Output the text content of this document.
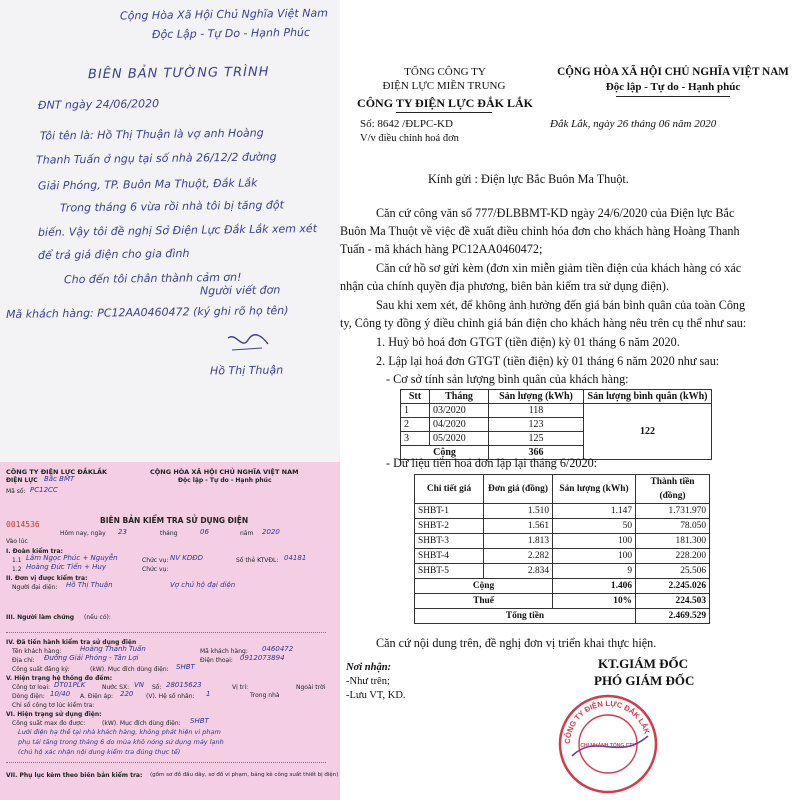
Cộng Hòa Xã Hội Chủ Nghĩa Việt Nam
Độc Lập - Tự Do - Hạnh Phúc
BIÊN BẢN TƯỜNG TRÌNH
ĐNT ngày 24/06/2020
Tôi tên là: Hồ Thị Thuận là vợ anh Hoàng
Thanh Tuấn ở ngụ tại số nhà 26/12/2 đường
Giải Phóng, TP. Buôn Ma Thuột, Đắk Lắk
Trong tháng 6 vừa rồi nhà tôi bị tăng đột
biến. Vậy tôi đề nghị Sở Điện Lực Đắk Lắk xem xét
để trả giá điện cho gia đình
Cho đến tôi chân thành cảm ơn!
Người viết đơn
Mã khách hàng: PC12AA0460472 (ký ghi rõ họ tên)
Hồ Thị Thuận
CÔNG TY ĐIỆN LỰC ĐẮKLẮK
ĐIỆN LỰC Bắc BMT
Mã số: PC12CC
CỘNG HÒA XÃ HỘI CHỦ NGHĨA VIỆT NAM
Độc lập - Tự do - Hạnh phúc
0014536	BIÊN BẢN KIỂM TRA SỬ DỤNG ĐIỆN
Hôm nay, ngày 23	tháng	06	năm 2020
Vào lúc
I. Đoàn kiểm tra:
1.1 Lâm Ngọc Phúc + Nguyễn	Chức vụ: NV KDĐD	Số thẻ KTVĐL: 04181
1.2 Hoàng Đức Tiến + Huy	Chức vụ:
II. Đơn vị được kiểm tra:
Người đại diện: Hồ Thị Thuận	Vợ chủ hộ đại diện
III. Người làm chứng (nếu có):
IV. Đã tiến hành kiểm tra sử dụng điện
Tên khách hàng:	Hoàng Thanh Tuấn	Mã khách hàng: 0460472
Địa chỉ: Đường Giải Phóng - Tân Lợi	Điện thoại: 0912073894
Công suất đăng ký:	(kW). Mục đích dùng điện: SHBT
V. Hiện trạng hệ thống đo đếm:
Công tơ loại: DT01PLK	Nước SX: VN Số: 28015623	Vị trí:	Ngoài trời
Trong nhà
Dòng điện: 10/40 A. Điện áp: 220 (V). Hệ số nhân: 1
Chỉ số công tơ lúc kiểm tra:
VI. Hiện trạng sử dụng điện:
Công suất max đo được:	(kW). Mục đích dùng điện: SHBT
Lưới điện hạ thế tại nhà khách hàng, không phát hiện vi phạm
phụ tải tăng trong tháng 6 do mùa khô nóng sử dụng máy lạnh
(chủ hộ xác nhận nội dung kiểm tra đúng thực tế)
VII. Phụ lục kèm theo biên bản kiểm tra: (gồm sơ đồ đấu dây, sơ đồ vi phạm, bảng kê công suất thiết bị điện)
TỔNG CÔNG TY
ĐIỆN LỰC MIỀN TRUNG
CÔNG TY ĐIỆN LỰC ĐẮK LẮK
CỘNG HÒA XÃ HỘI CHỦ NGHĨA VIỆT NAM
Độc lập - Tự do - Hạnh phúc
Số: 8642 /ĐLPC-KD
V/v điều chỉnh hoá đơn
Đắk Lắk, ngày 26 tháng 06 năm 2020
Kính gửi : Điện lực Bắc Buôn Ma Thuột.
Căn cứ công văn số 777/ĐLBBMT-KD ngày 24/6/2020 của Điện lực Bắc
Buôn Ma Thuột về việc đề xuất điều chỉnh hóa đơn cho khách hàng Hoàng Thanh
Tuấn - mã khách hàng PC12AA0460472;
Căn cứ hồ sơ gửi kèm (đơn xin miễn giảm tiền điện của khách hàng có xác
nhận của chính quyền địa phương, biên bản kiểm tra sử dụng điện).
Sau khi xem xét, để không ảnh hưởng đến giá bán bình quân của toàn Công
ty, Công ty đồng ý điều chỉnh giá bán điện cho khách hàng nêu trên cụ thể như sau:
1. Huỷ bỏ hoá đơn GTGT (tiền điện) kỳ 01 tháng 6 năm 2020.
2. Lập lại hoá đơn GTGT (tiền điện) kỳ 01 tháng 6 năm 2020 như sau:
- Cơ sở tính sản lượng bình quân của khách hàng:
Stt	Tháng	Sản lượng (kWh)	Sản lượng bình quân (kWh)
1	03/2020	118	122
2	04/2020	123	
3	05/2020	125	
Cộng		366	
- Dữ liệu tiền hoá đơn lập lại tháng 6/2020:
Chi tiết giá	Đơn giá (đồng)	Sản lượng (kWh)	Thành tiền (đồng)
SHBT-1	1.510	1.147	1.731.970
SHBT-2	1.561	50	78.050
SHBT-3	1.813	100	181.300
SHBT-4	2.282	100	228.200
SHBT-5	2.834	9	25.506
Cộng		1.406	2.245.026
Thuế		10%	224.503
Tổng tiền			2.469.529
Căn cứ nội dung trên, đề nghị đơn vị triển khai thực hiện.
Nơi nhận:
-Như trên;
-Lưu VT, KD.
KT.GIÁM ĐỐC
PHÓ GIÁM ĐỐC
CÔNG TY ĐIỆN LỰC ĐẮK LẮK
CHI NHÁNH TỔNG CTY
